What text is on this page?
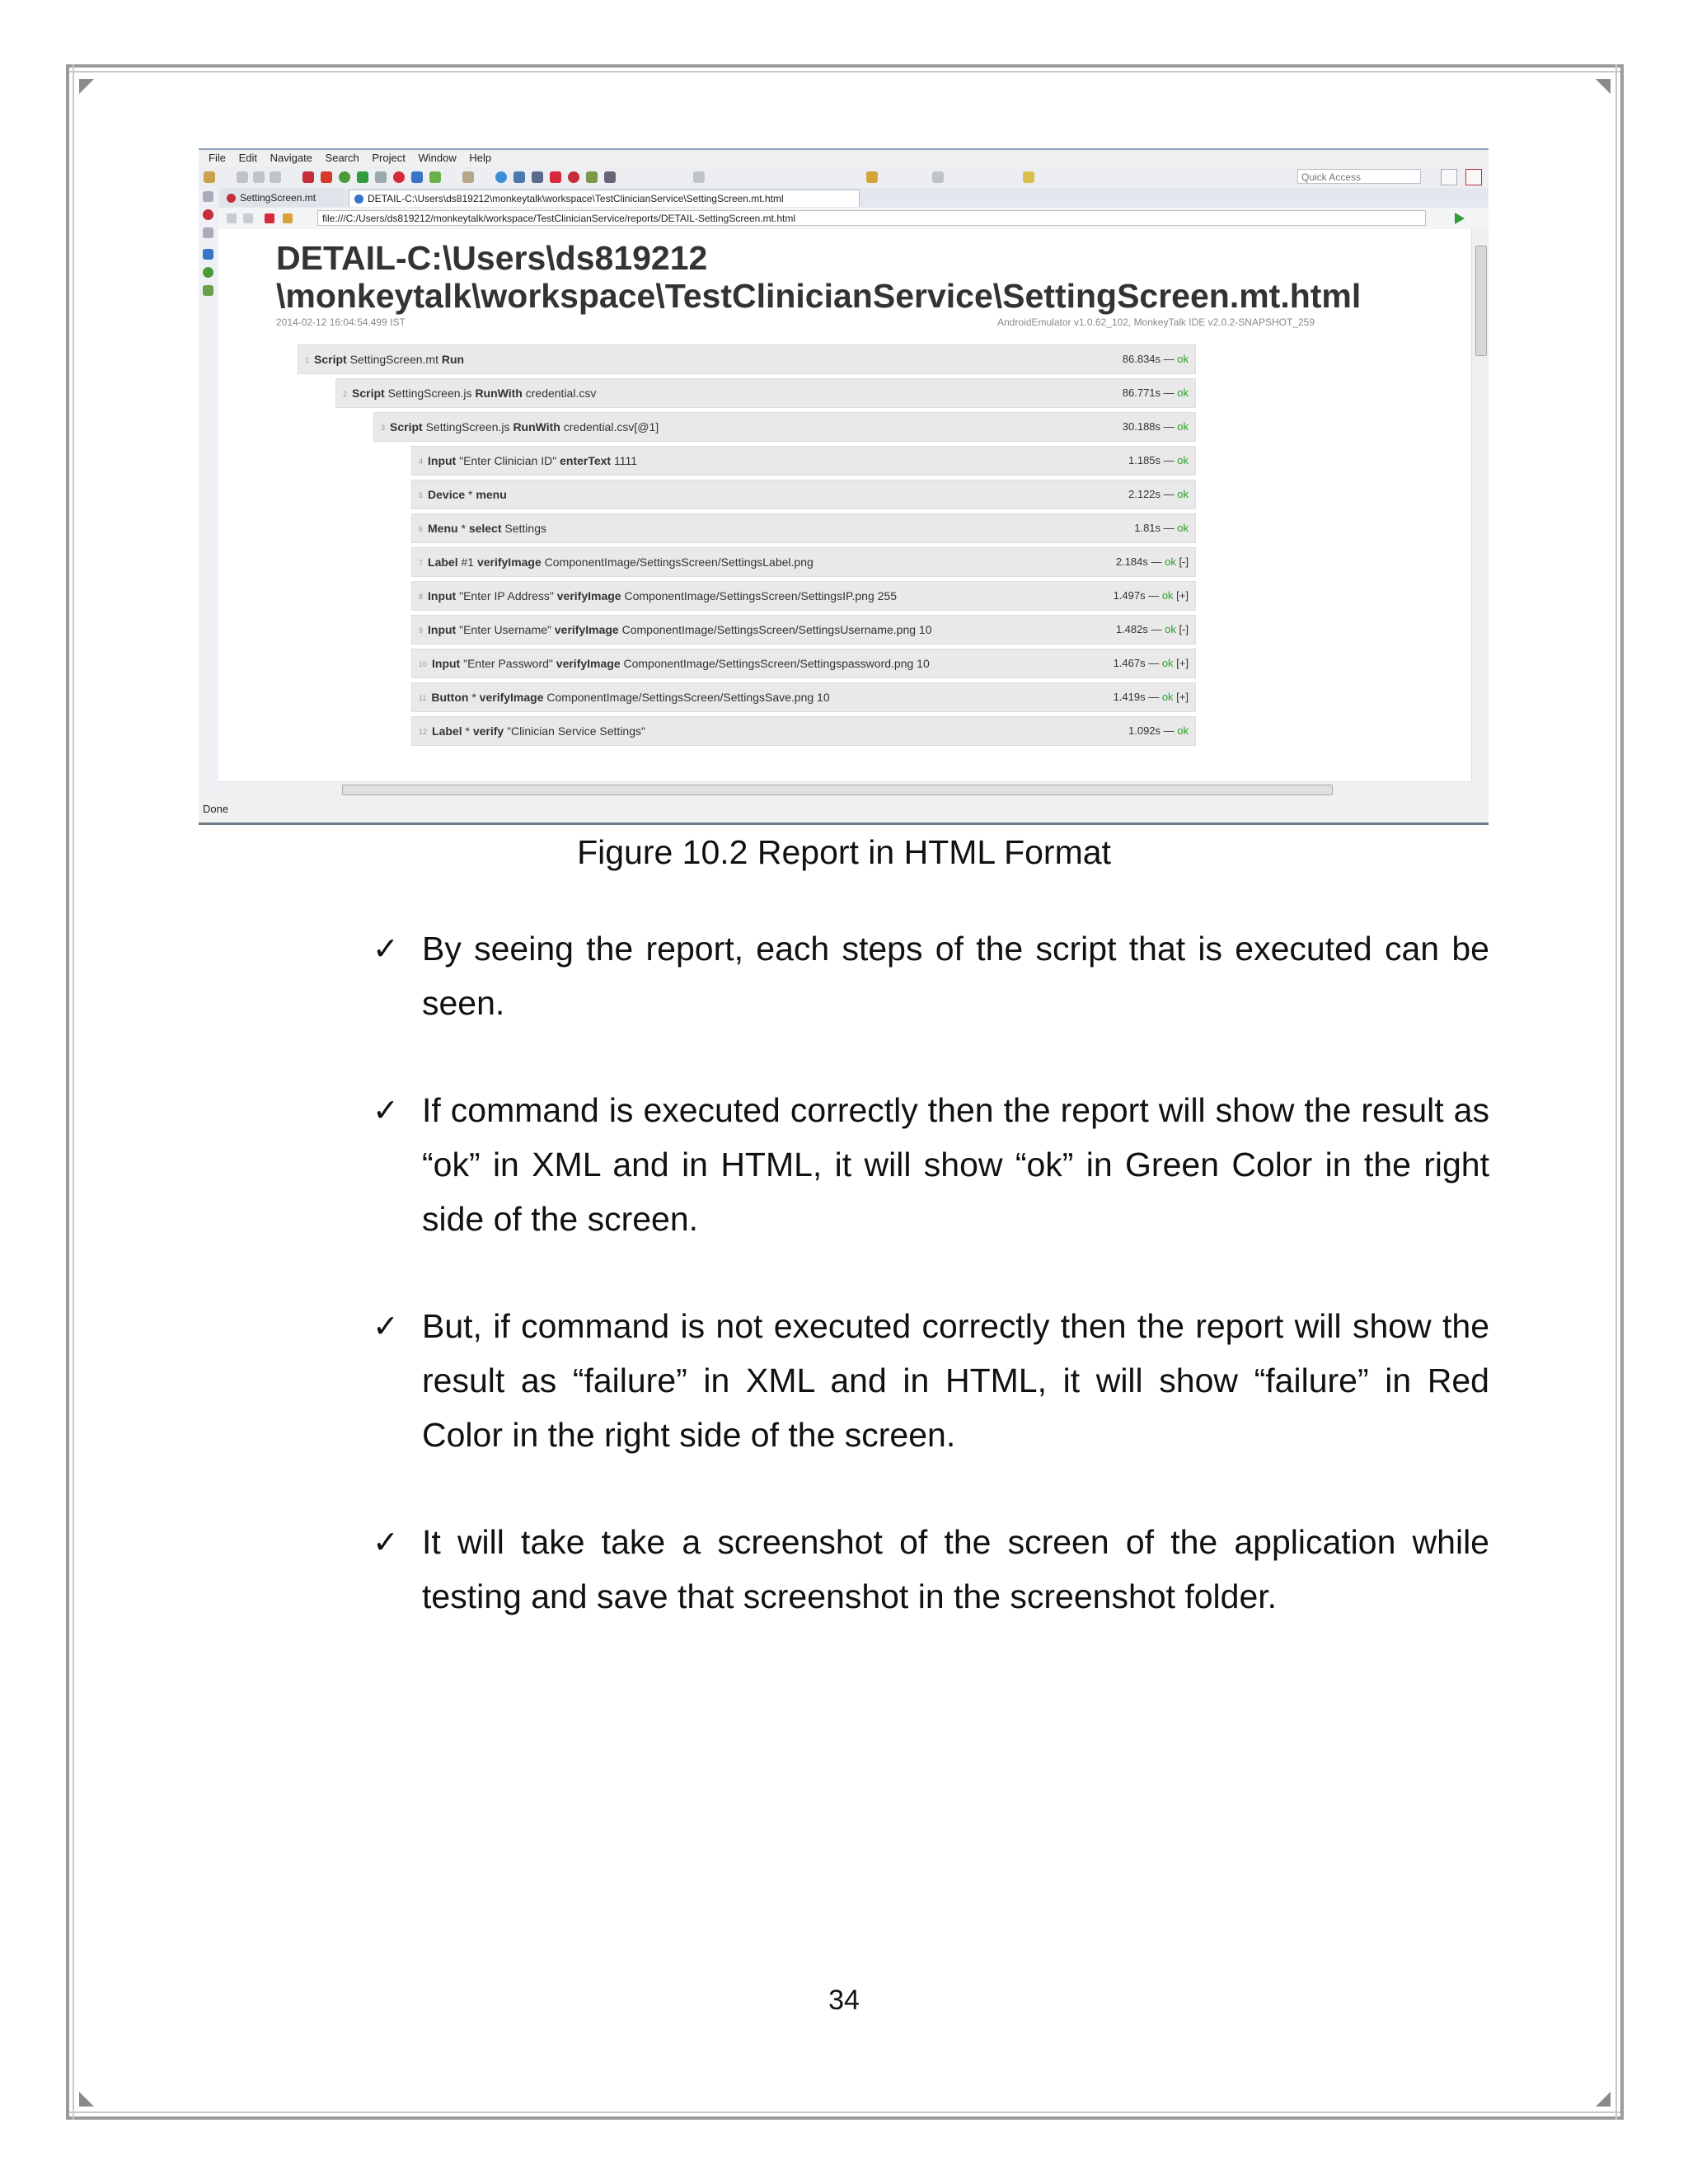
File Edit Navigate Search Project Window Help
Quick Access
SettingScreen.mt	DETAIL-C:\Users\ds819212\monkeytalk\workspace\TestClinicianService\SettingScreen.mt.html
file:///C:/Users/ds819212/monkeytalk/workspace/TestClinicianService/reports/DETAIL-SettingScreen.mt.html
DETAIL-C:\Users\ds819212
\monkeytalk\workspace\TestClinicianService\SettingScreen.mt.html
2014-02-12 16:04:54.499 IST	AndroidEmulator v1.0.62_102, MonkeyTalk IDE v2.0.2-SNAPSHOT_259
1 Script SettingScreen.mt Run	86.834s — ok
2 Script SettingScreen.js RunWith credential.csv	86.771s — ok
3 Script SettingScreen.js RunWith credential.csv[@1]	30.188s — ok
4 Input "Enter Clinician ID" enterText 1111	1.185s — ok
5 Device * menu	2.122s — ok
6 Menu * select Settings	1.81s — ok
7 Label #1 verifyImage ComponentImage/SettingsScreen/SettingsLabel.png	2.184s — ok [-]
8 Input "Enter IP Address" verifyImage ComponentImage/SettingsScreen/SettingsIP.png 255	1.497s — ok [+]
9 Input "Enter Username" verifyImage ComponentImage/SettingsScreen/SettingsUsername.png 10	1.482s — ok [-]
10 Input "Enter Password" verifyImage ComponentImage/SettingsScreen/Settingspassword.png 10	1.467s — ok [+]
11 Button * verifyImage ComponentImage/SettingsScreen/SettingsSave.png 10	1.419s — ok [+]
12 Label * verify "Clinician Service Settings"	1.092s — ok
Done
Figure 10.2 Report in HTML Format
✓ By seeing the report, each steps of the script that is executed can be seen.
✓ If command is executed correctly then the report will show the result as “ok” in XML and in HTML, it will show “ok” in Green Color in the right side of the screen.
✓ But, if command is not executed correctly then the report will show the result as “failure” in XML and in HTML, it will show “failure” in Red Color in the right side of the screen.
✓ It will take take a screenshot of the screen of the application while testing and save that screenshot in the screenshot folder.
34
